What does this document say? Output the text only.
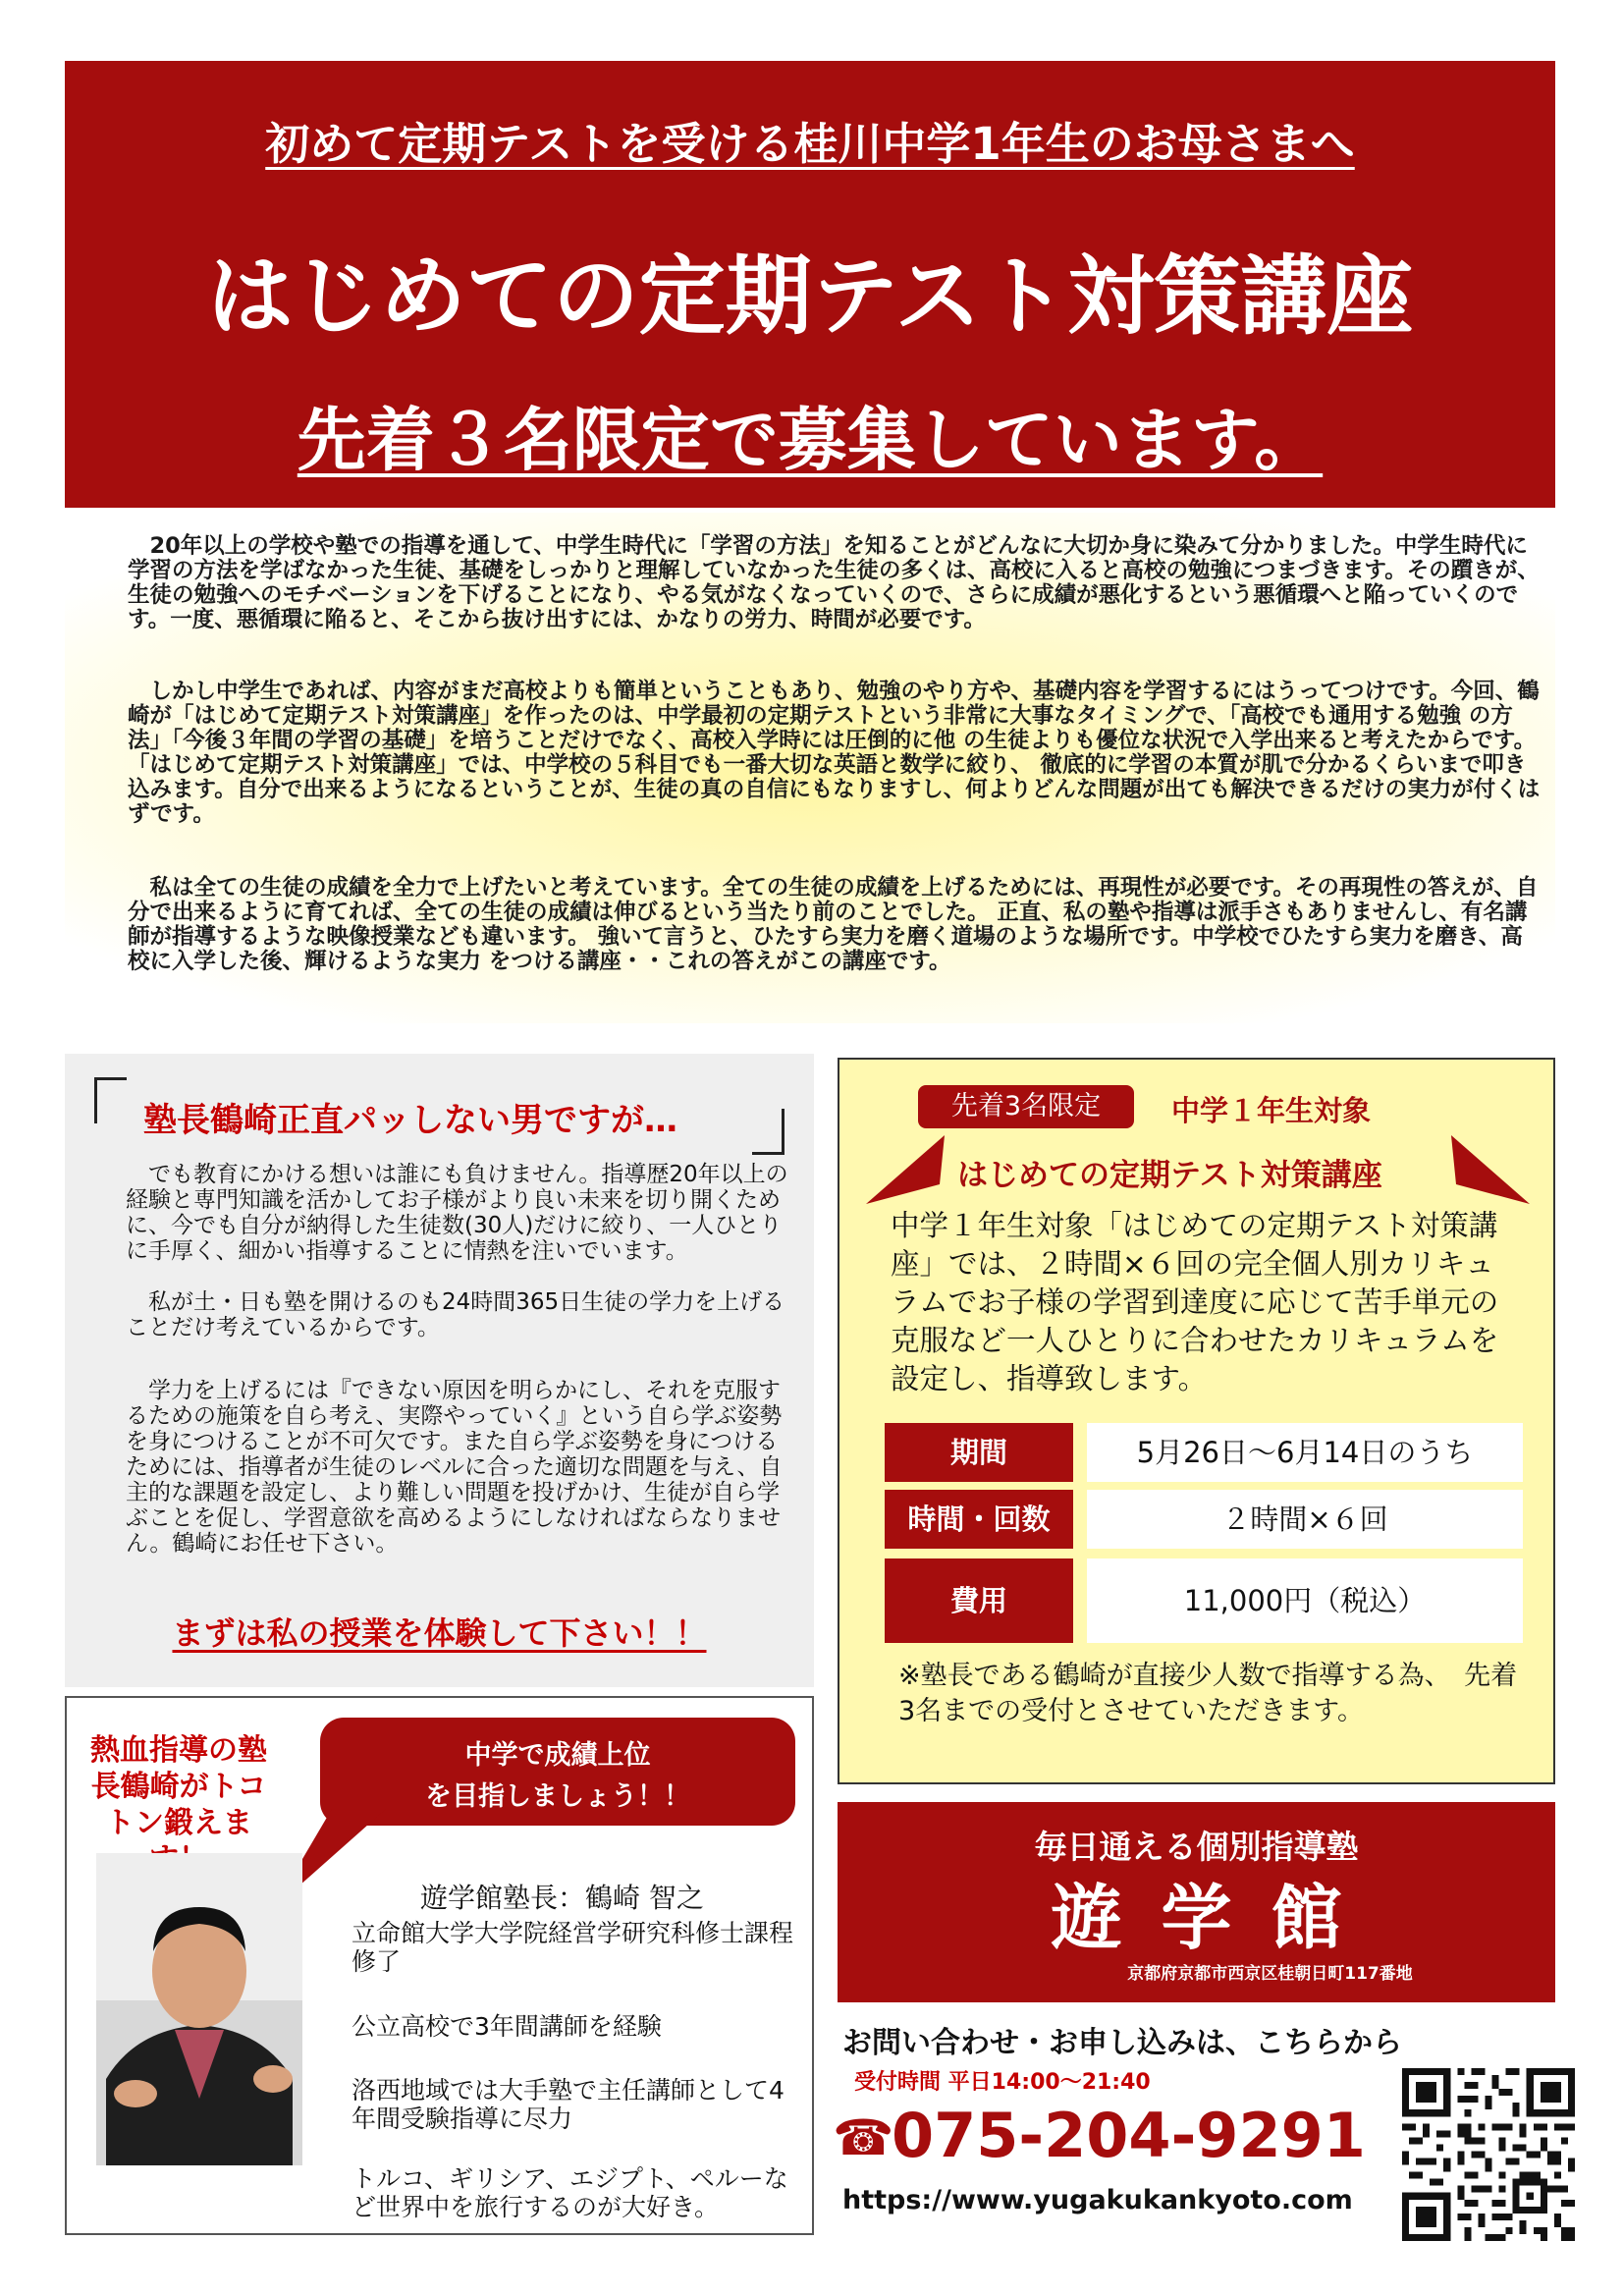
初めて定期テストを受ける桂川中学1年生のお母さまへ
はじめての定期テスト対策講座
先着３名限定で募集しています。
　20年以上の学校や塾での指導を通して、中学生時代に「学習の方法」を知ることがどんなに大切か身に染みて分かりました。中学生時代に学習の方法を学ばなかった生徒、基礎をしっかりと理解していなかった生徒の多くは、高校に入ると高校の勉強につまづきます。その躓きが、生徒の勉強へのモチベーションを下げることになり、やる気がなくなっていくので、さらに成績が悪化するという悪循環へと陥っていくのです。一度、悪循環に陥ると、そこから抜け出すには、かなりの労力、時間が必要です。
　しかし中学生であれば、内容がまだ高校よりも簡単ということもあり、勉強のやり方や、基礎内容を学習するにはうってつけです。今回、鶴崎が「はじめて定期テスト対策講座」を作ったのは、中学最初の定期テストという非常に大事なタイミングで、「高校でも通用する勉強 の方法」「今後３年間の学習の基礎」を培うことだけでなく、高校入学時には圧倒的に他 の生徒よりも優位な状況で入学出来ると考えたからです。「はじめて定期テスト対策講座」では、中学校の５科目でも一番大切な英語と数学に絞り、 徹底的に学習の本質が肌で分かるくらいまで叩き込みます。自分で出来るようになるということが、生徒の真の自信にもなりますし、何よりどんな問題が出ても解決できるだけの実力が付くはずです。
　私は全ての生徒の成績を全力で上げたいと考えています。全ての生徒の成績を上げるためには、再現性が必要です。その再現性の答えが、自分で出来るように育てれば、全ての生徒の成績は伸びるという当たり前のことでした。 正直、私の塾や指導は派手さもありませんし、有名講師が指導するような映像授業なども違います。 強いて言うと、ひたすら実力を磨く道場のような場所です。中学校でひたすら実力を磨き、高校に入学した後、輝けるような実力 をつける講座・・これの答えがこの講座です。
塾長鶴崎正直パッしない男ですが…
　でも教育にかける想いは誰にも負けません。指導歴20年以上の経験と専門知識を活かしてお子様がより良い未来を切り開くために、今でも自分が納得した生徒数(30人)だけに絞り、一人ひとりに手厚く、細かい指導することに情熱を注いでいます。
　私が土・日も塾を開けるのも24時間365日生徒の学力を上げることだけ考えているからです。
　学力を上げるには『できない原因を明らかにし、それを克服するための施策を自ら考え、実際やっていく』という自ら学ぶ姿勢を身につけることが不可欠です。また自ら学ぶ姿勢を身につけるためには、指導者が生徒のレベルに合った適切な問題を与え、自主的な課題を設定し、より難しい問題を投げかけ、生徒が自ら学ぶことを促し、学習意欲を高めるようにしなければならなりません。鶴崎にお任せ下さい。
まずは私の授業を体験して下さい！！
熱血指導の塾長鶴崎がトコトン鍛えま
中学で成績上位
を目指しましょう！！
遊学館塾長：鶴崎 智之
立命館大学大学院経営学研究科修士課程修了
公立高校で3年間講師を経験
洛西地域では大手塾で主任講師として4年間受験指導に尽力
トルコ、ギリシア、エジプト、ペルーなど世界中を旅行するのが大好き。
先着3名限定	中学１年生対象
はじめての定期テスト対策講座
中学１年生対象「はじめての定期テスト対策講座」では、２時間×６回の完全個人別カリキュラムでお子様の学習到達度に応じて苦手単元の克服など一人ひとりに合わせたカリキュラムを設定し、指導致します。
期間	5月26日～6月14日のうち
時間・回数	２時間×６回
費用	11,000円（税込）
※塾長である鶴崎が直接少人数で指導する為、　先着3名までの受付とさせていただきます。
毎日通える個別指導塾
遊学館
京都府京都市西京区桂朝日町117番地
お問い合わせ・お申し込みは、こちらから
受付時間 平日14:00～21:40
☎
075-204-9291
https://www.yugakukankyoto.com
